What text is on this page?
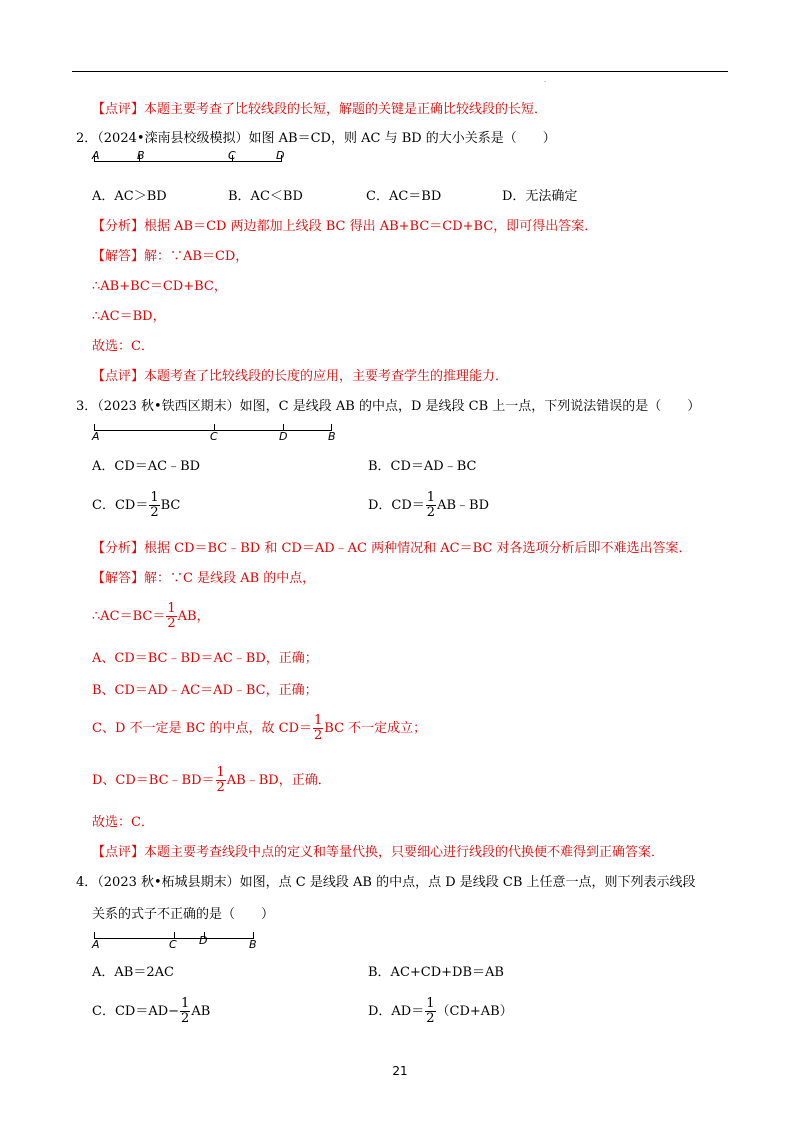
·
【点评】本题主要考查了比较线段的长短，解题的关键是正确比较线段的长短．
2．（2024•滦南县校级模拟）如图 AB＝CD，则 AC 与 BD 的大小关系是（　　）
A	B	C	D
A．AC＞BD	B．AC＜BD	C．AC＝BD	D．无法确定
【分析】根据 AB＝CD 两边都加上线段 BC 得出 AB+BC＝CD+BC，即可得出答案．
【解答】解：∵AB＝CD，
∴AB+BC＝CD+BC，
∴AC＝BD，
故选：C．
【点评】本题考查了比较线段的长度的应用，主要考查学生的推理能力．
3．（2023 秋•铁西区期末）如图，C 是线段 AB 的中点，D 是线段 CB 上一点，下列说法错误的是（　　）
A	C	D	B
A．CD＝AC﹣BD	B．CD＝AD﹣BC
C．$CD= \frac{1}{2}$ BC	D．$CD= \frac{1}{2}$ AB﹣BD
【分析】根据 CD＝BC﹣BD 和 CD＝AD﹣AC 两种情况和 AC＝BC 对各选项分析后即不难选出答案．
【解答】解：∵C 是线段 AB 的中点，
∴AC＝BC＝ $\frac{1}{2}$ AB，
A、CD＝BC﹣BD＝AC﹣BD，正确；
B、CD＝AD﹣AC＝AD﹣BC，正确；
C、D 不一定是 BC 的中点，故 $CD= \frac{1}{2}$ BC 不一定成立；
D、CD＝BC﹣BD＝ $\frac{1}{2}$ AB﹣BD，正确．
故选：C．
【点评】本题主要考查线段中点的定义和等量代换，只要细心进行线段的代换便不难得到正确答案．
4．（2023 秋•柘城县期末）如图，点 C 是线段 AB 的中点，点 D 是线段 CB 上任意一点，则下列表示线段
关系的式子不正确的是（　　）
A	C D	B
A．AB＝2AC	B．AC+CD+DB＝AB
C．$CD=AD- \frac{1}{2}$ AB	D．$AD= \frac{1}{2} (CD+AB)$
21
